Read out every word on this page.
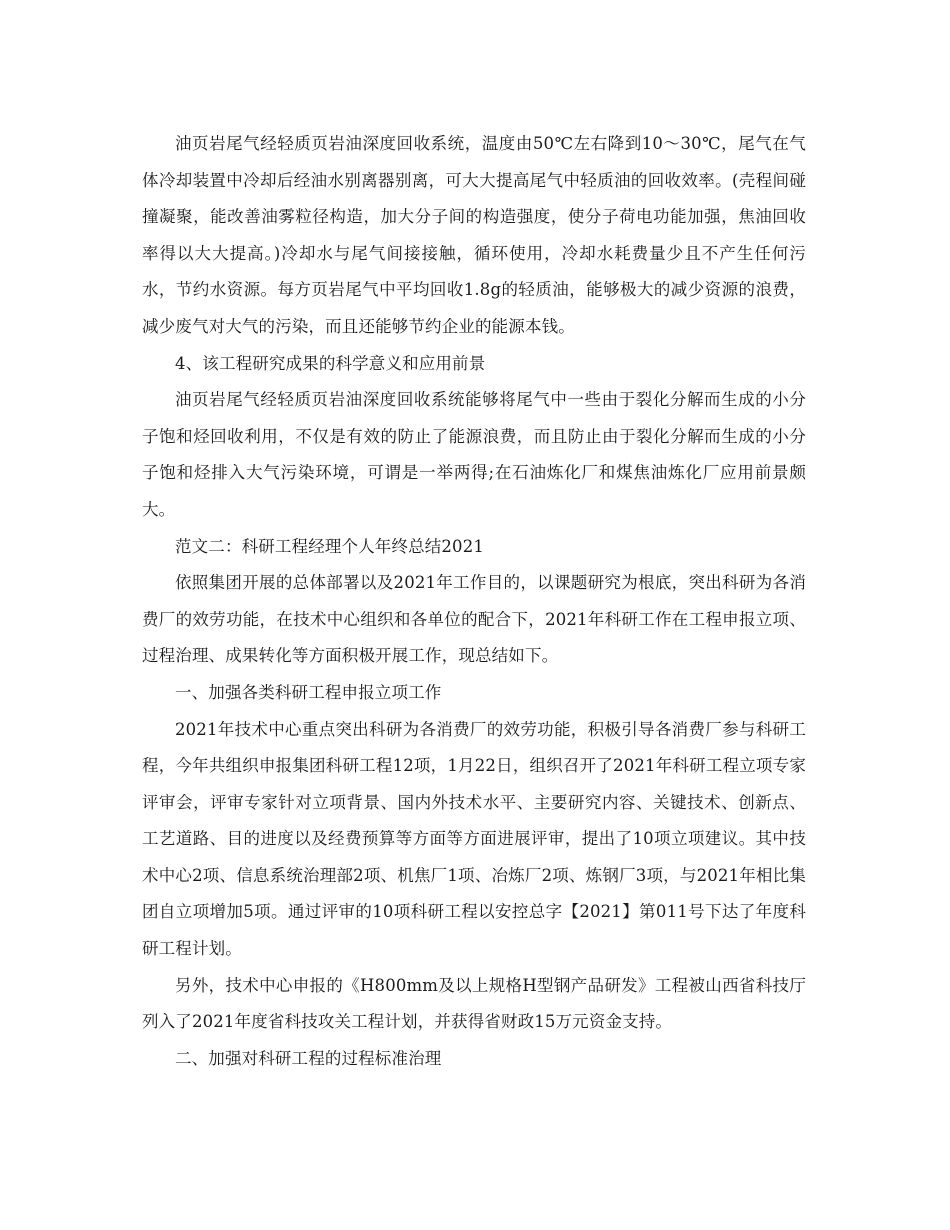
油页岩尾气经轻质页岩油深度回收系统，温度由50℃左右降到10～30℃，尾气在气体冷却装置中冷却后经油水别离器别离，可大大提高尾气中轻质油的回收效率。(壳程间碰撞凝聚，能改善油雾粒径构造，加大分子间的构造强度，使分子荷电功能加强，焦油回收率得以大大提高。)冷却水与尾气间接接触，循环使用，冷却水耗费量少且不产生任何污水，节约水资源。每方页岩尾气中平均回收1.8g的轻质油，能够极大的减少资源的浪费，减少废气对大气的污染，而且还能够节约企业的能源本钱。

4、该工程研究成果的科学意义和应用前景

油页岩尾气经轻质页岩油深度回收系统能够将尾气中一些由于裂化分解而生成的小分子饱和烃回收利用，不仅是有效的防止了能源浪费，而且防止由于裂化分解而生成的小分子饱和烃排入大气污染环境，可谓是一举两得;在石油炼化厂和煤焦油炼化厂应用前景颇大。

范文二：科研工程经理个人年终总结2021

依照集团开展的总体部署以及2021年工作目的，以课题研究为根底，突出科研为各消费厂的效劳功能，在技术中心组织和各单位的配合下，2021年科研工作在工程申报立项、过程治理、成果转化等方面积极开展工作，现总结如下。

一、加强各类科研工程申报立项工作

2021年技术中心重点突出科研为各消费厂的效劳功能，积极引导各消费厂参与科研工程，今年共组织申报集团科研工程12项，1月22日，组织召开了2021年科研工程立项专家评审会，评审专家针对立项背景、国内外技术水平、主要研究内容、关键技术、创新点、工艺道路、目的进度以及经费预算等方面等方面进展评审，提出了10项立项建议。其中技术中心2项、信息系统治理部2项、机焦厂1项、冶炼厂2项、炼钢厂3项，与2021年相比集团自立项增加5项。通过评审的10项科研工程以安控总字【2021】第011号下达了年度科研工程计划。

另外，技术中心申报的《H800mm及以上规格H型钢产品研发》工程被山西省科技厅列入了2021年度省科技攻关工程计划，并获得省财政15万元资金支持。

二、加强对科研工程的过程标准治理
